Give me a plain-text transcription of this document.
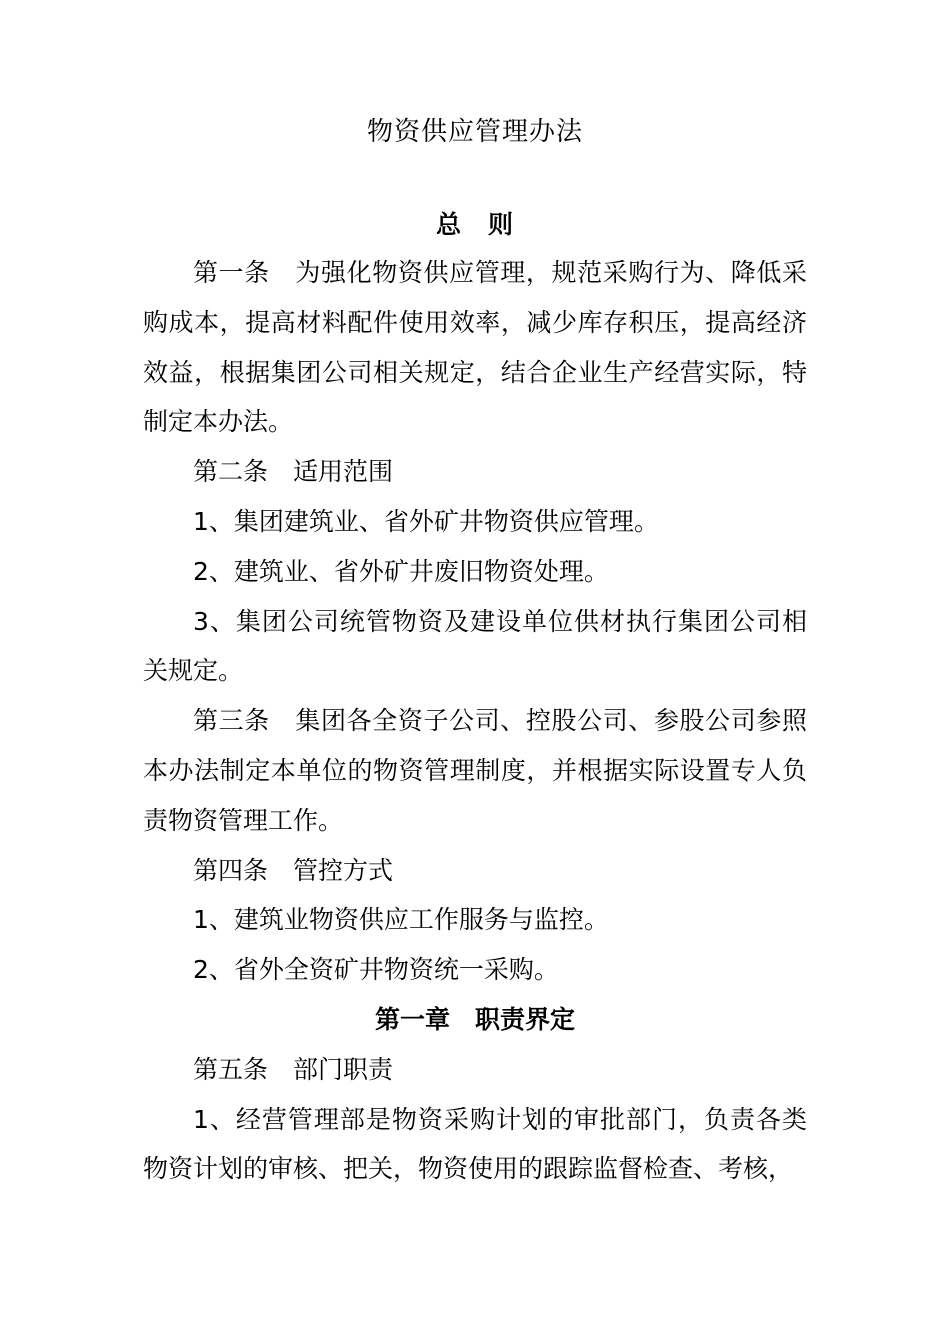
物资供应管理办法
总　则

第一条　为强化物资供应管理，规范采购行为、降低采购成本，提高材料配件使用效率，减少库存积压，提高经济效益，根据集团公司相关规定，结合企业生产经营实际，特制定本办法。

第二条　适用范围

1、集团建筑业、省外矿井物资供应管理。

2、建筑业、省外矿井废旧物资处理。

3、集团公司统管物资及建设单位供材执行集团公司相关规定。

第三条　集团各全资子公司、控股公司、参股公司参照本办法制定本单位的物资管理制度，并根据实际设置专人负责物资管理工作。

第四条　管控方式

1、建筑业物资供应工作服务与监控。

2、省外全资矿井物资统一采购。

第一章　职责界定

第五条　部门职责

1、经营管理部是物资采购计划的审批部门，负责各类物资计划的审核、把关，物资使用的跟踪监督检查、考核，
